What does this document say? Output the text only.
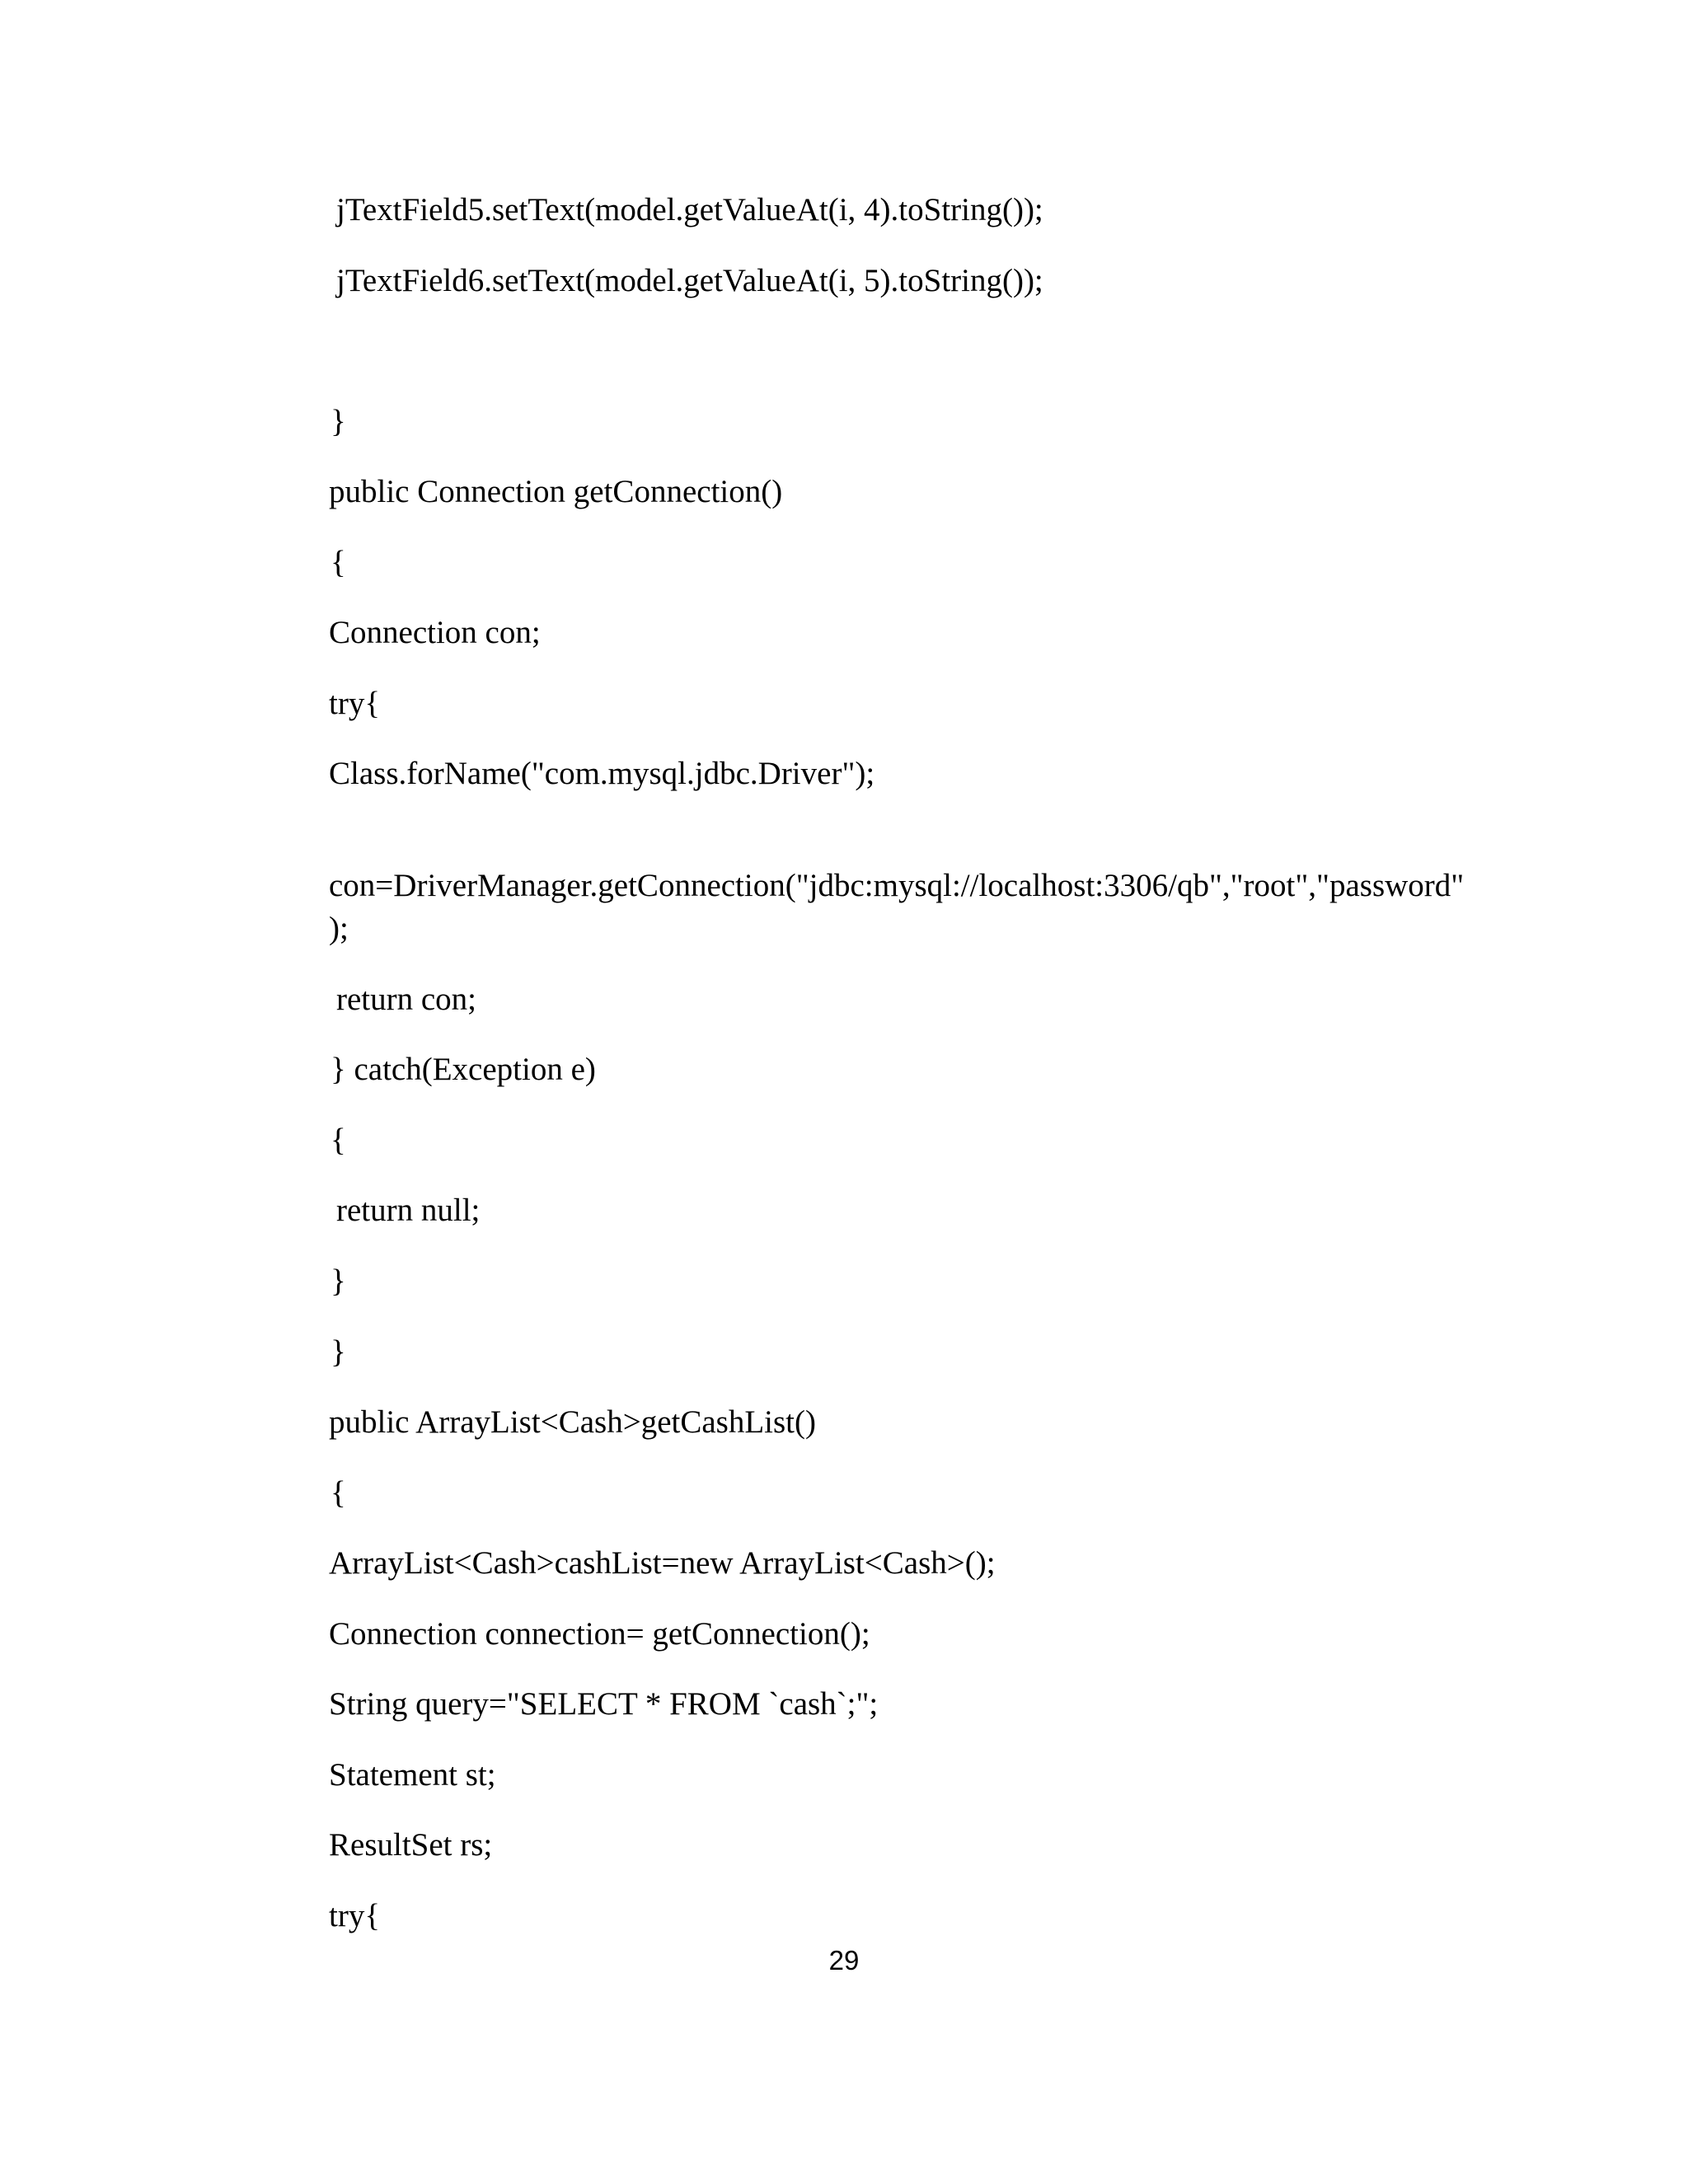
jTextField5.setText(model.getValueAt(i, 4).toString());
jTextField6.setText(model.getValueAt(i, 5).toString());
}
public Connection getConnection()
{
Connection con;
try{
Class.forName("com.mysql.jdbc.Driver");
con=DriverManager.getConnection("jdbc:mysql://localhost:3306/qb","root","password"
);
return con;
} catch(Exception e)
{
return null;
}
}
public ArrayList<Cash>getCashList()
{
ArrayList<Cash>cashList=new ArrayList<Cash>();
Connection connection= getConnection();
String query="SELECT * FROM `cash`;";
Statement st;
ResultSet rs;
try{
29
